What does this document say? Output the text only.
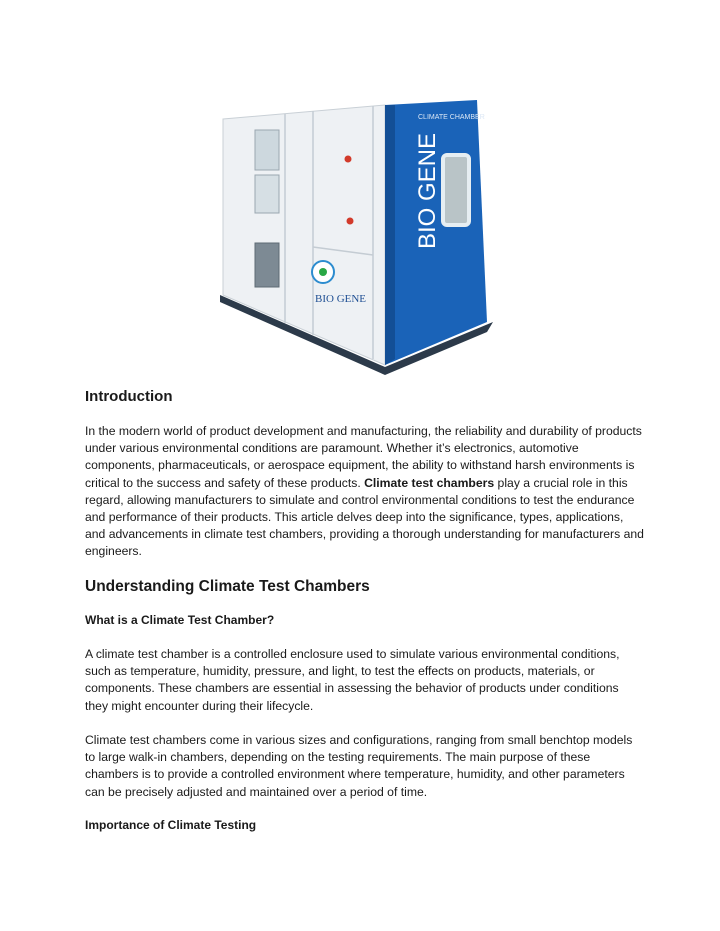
BIO GENE
BIO GENE
CLIMATE CHAMBER
Introduction

In the modern world of product development and manufacturing, the reliability and durability of products under various environmental conditions are paramount. Whether it’s electronics, automotive components, pharmaceuticals, or aerospace equipment, the ability to withstand harsh environments is critical to the success and safety of these products. Climate test chambers play a crucial role in this regard, allowing manufacturers to simulate and control environmental conditions to test the endurance and performance of their products. This article delves deep into the significance, types, applications, and advancements in climate test chambers, providing a thorough understanding for manufacturers and engineers.

Understanding Climate Test Chambers
What is a Climate Test Chamber?

A climate test chamber is a controlled enclosure used to simulate various environmental conditions, such as temperature, humidity, pressure, and light, to test the effects on products, materials, or components. These chambers are essential in assessing the behavior of products under conditions they might encounter during their lifecycle.

Climate test chambers come in various sizes and configurations, ranging from small benchtop models to large walk-in chambers, depending on the testing requirements. The main purpose of these chambers is to provide a controlled environment where temperature, humidity, and other parameters can be precisely adjusted and maintained over a period of time.

Importance of Climate Testing
